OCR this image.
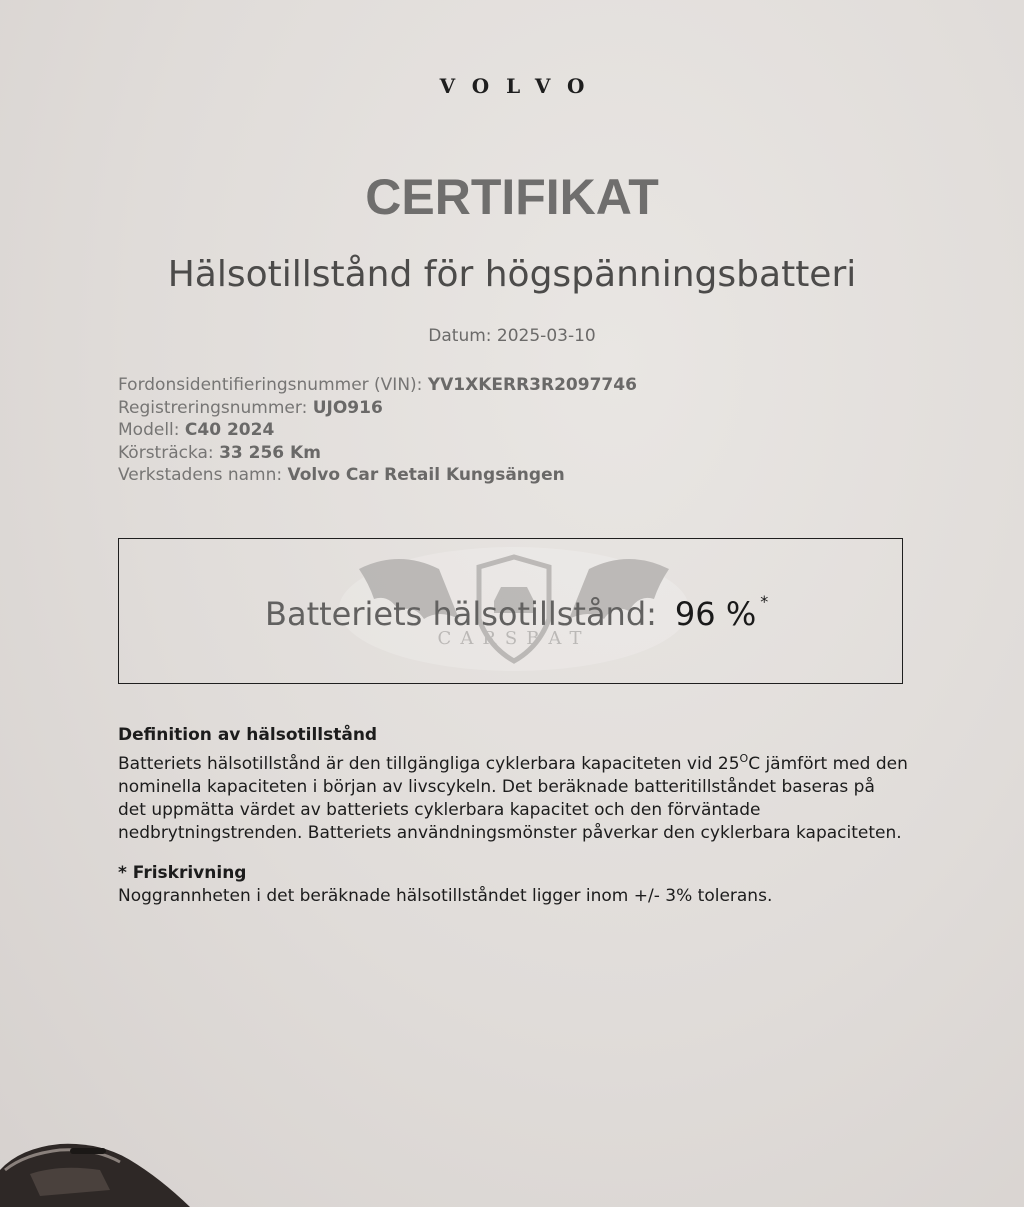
VOLVO
CERTIFIKAT
Hälsotillstånd för högspänningsbatteri
Datum: 2025-03-10
Fordonsidentifieringsnummer (VIN): YV1XKERR3R2097746
Registreringsnummer: UJO916
Modell: C40 2024
Körsträcka: 33 256 Km
Verkstadens namn: Volvo Car Retail Kungsängen
CARSBAT
Batteriets hälsotillstånd: 96 % *
Definition av hälsotillstånd
Batteriets hälsotillstånd är den tillgängliga cyklerbara kapaciteten vid $25^OC$ jämfört med den nominella kapaciteten i början av livscykeln. Det beräknade batteritillståndet baseras på det uppmätta värdet av batteriets cyklerbara kapacitet och den förväntade nedbrytningstrenden. Batteriets användningsmönster påverkar den cyklerbara kapaciteten.
* Friskrivning
Noggrannheten i det beräknade hälsotillståndet ligger inom +/- 3% tolerans.
